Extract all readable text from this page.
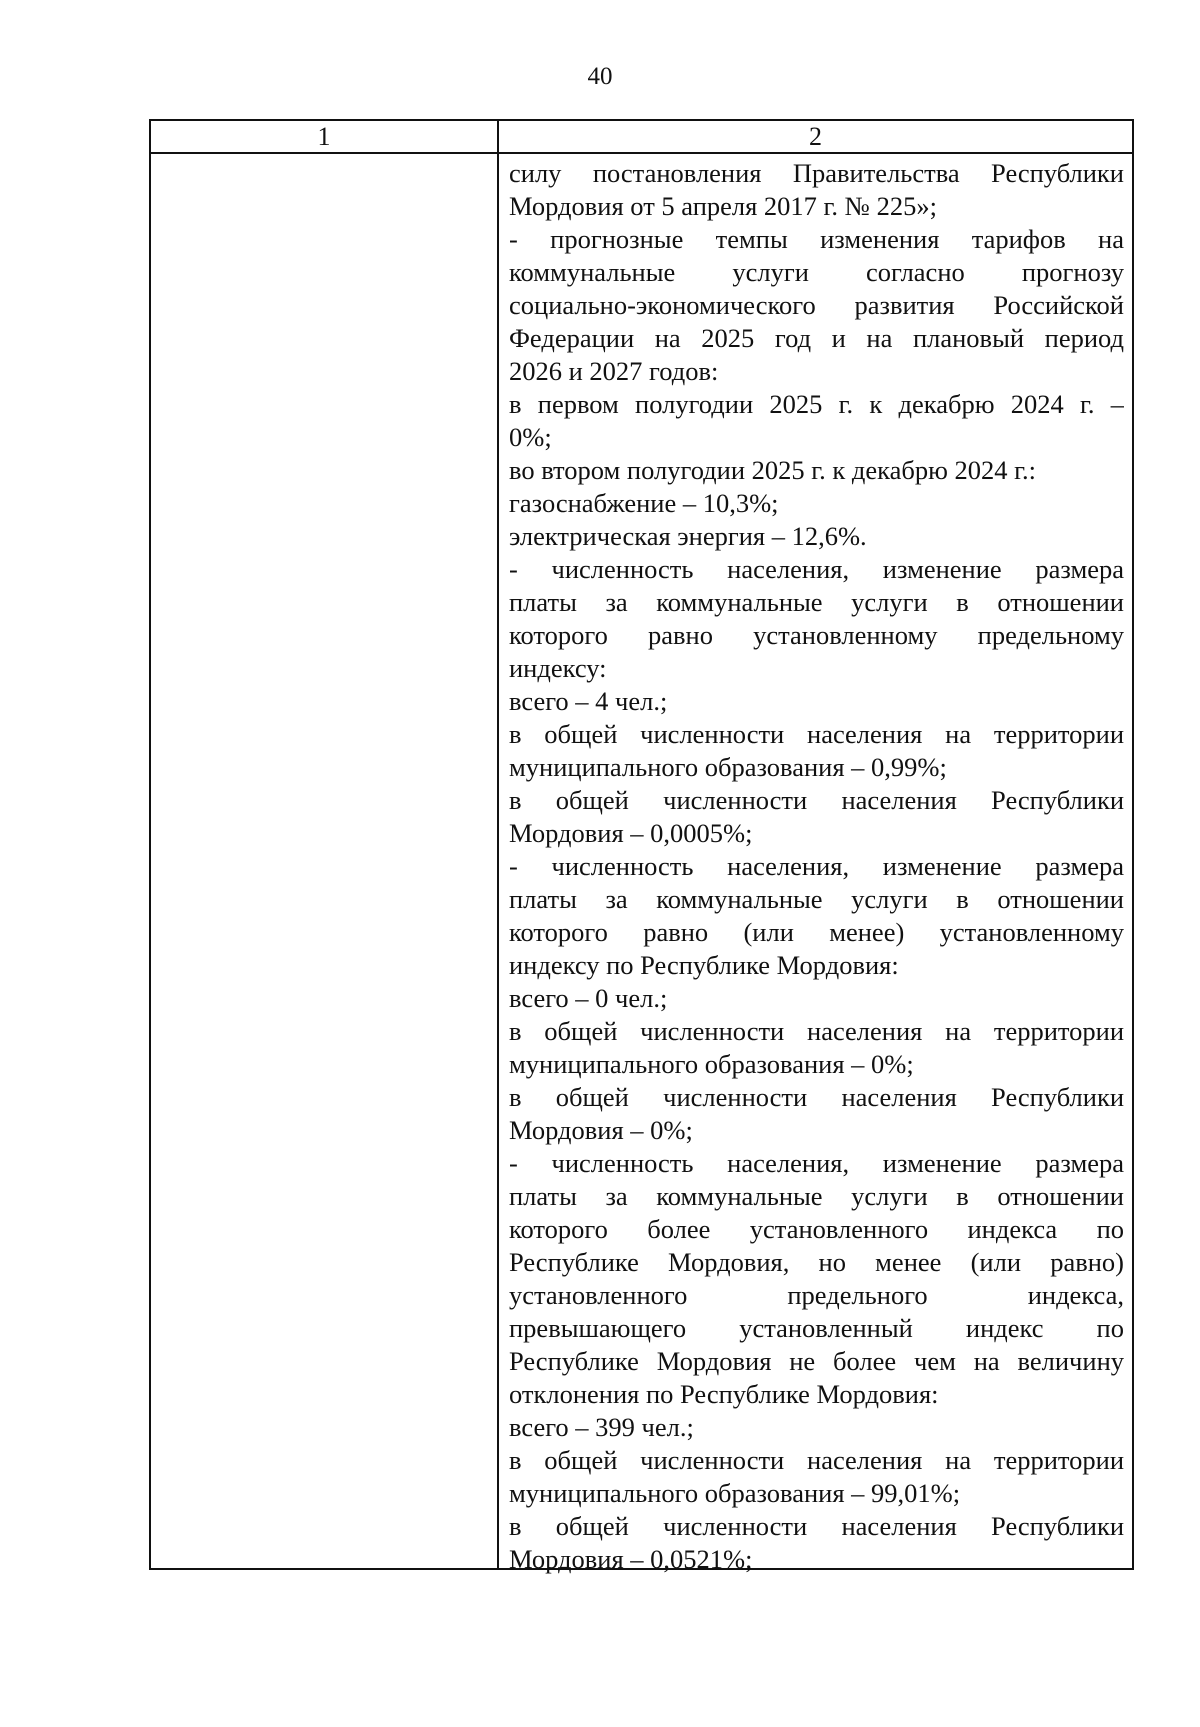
40
1	2
силу постановления Правительства Республики
Мордовия от 5 апреля 2017 г. № 225»;
- прогнозные темпы изменения тарифов на
коммунальные услуги согласно прогнозу
социально-экономического развития Российской
Федерации на 2025 год и на плановый период
2026 и 2027 годов:
в первом полугодии 2025 г. к декабрю 2024 г. –
0%;
во втором полугодии 2025 г. к декабрю 2024 г.:
газоснабжение – 10,3%;
электрическая энергия – 12,6%.
- численность населения, изменение размера
платы за коммунальные услуги в отношении
которого равно установленному предельному
индексу:
всего – 4 чел.;
в общей численности населения на территории
муниципального образования – 0,99%;
в общей численности населения Республики
Мордовия – 0,0005%;
- численность населения, изменение размера
платы за коммунальные услуги в отношении
которого равно (или менее) установленному
индексу по Республике Мордовия:
всего – 0 чел.;
в общей численности населения на территории
муниципального образования – 0%;
в общей численности населения Республики
Мордовия – 0%;
- численность населения, изменение размера
платы за коммунальные услуги в отношении
которого более установленного индекса по
Республике Мордовия, но менее (или равно)
установленного предельного индекса,
превышающего установленный индекс по
Республике Мордовия не более чем на величину
отклонения по Республике Мордовия:
всего – 399 чел.;
в общей численности населения на территории
муниципального образования – 99,01%;
в общей численности населения Республики
Мордовия – 0,0521%;
